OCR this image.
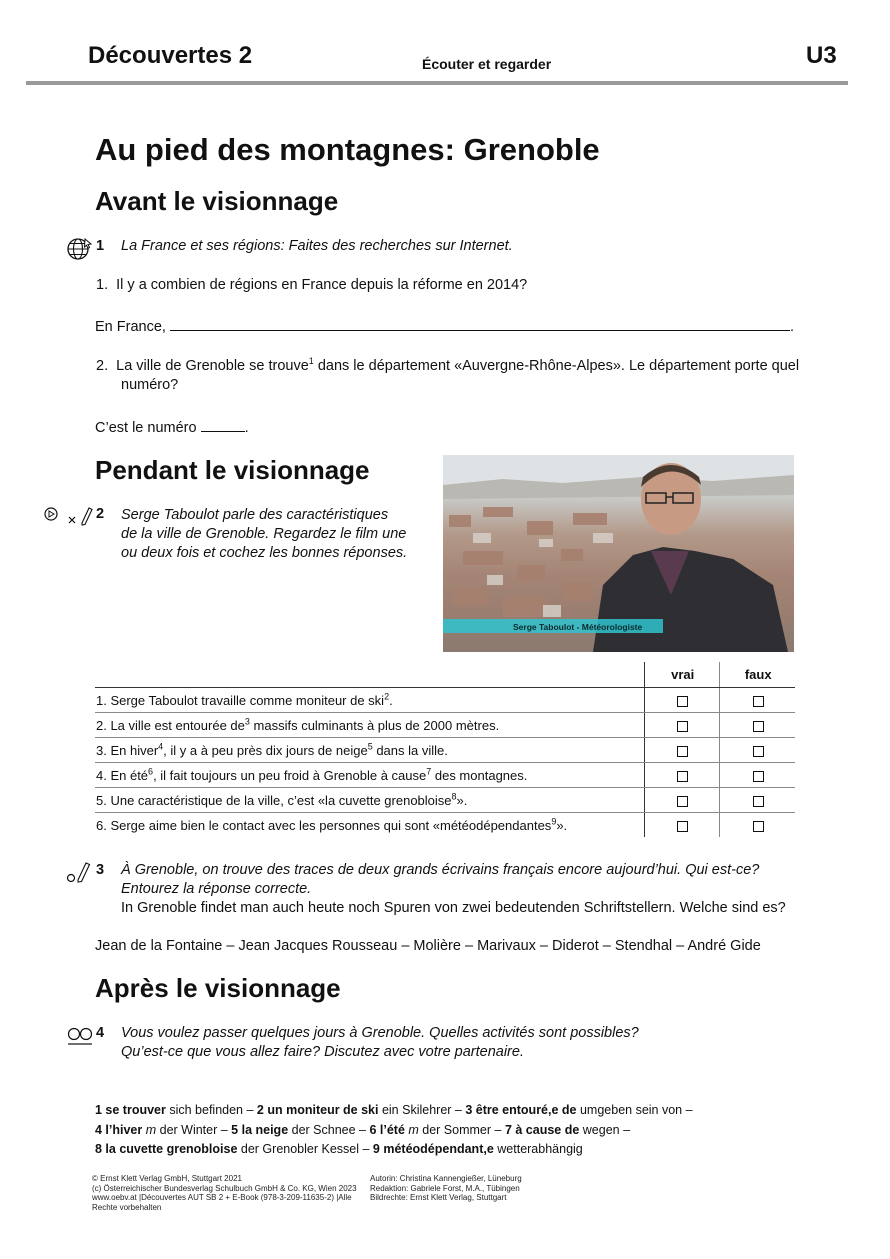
Découvertes 2	Écouter et regarder	U3
Au pied des montagnes: Grenoble
Avant le visionnage
1 La France et ses régions: Faites des recherches sur Internet.
1.  Il y a combien de régions en France depuis la réforme en 2014?
En France,	.
2.  La ville de Grenoble se trouve$^1$ dans le département «Auvergne-Rhône-Alpes». Le département porte quel
numéro?
C’est le numéro	.
Pendant le visionnage
2 Serge Taboulot parle des caractéristiques
de la ville de Grenoble. Regardez le film une
ou deux fois et cochez les bonnes réponses.
Serge Taboulot - Météorologiste
	vrai	faux
1. Serge Taboulot travaille comme moniteur de ski$^2$.		
2. La ville est entourée $de^3$ massifs culminants à plus de 2000 mètres.		
3. En hiver$^4$, il y a à peu près dix jours de neige$^5$ dans la ville.		
4. En été$^6$, il fait toujours un peu froid à Grenoble à cause$^7$ des montagnes.		
5. Une caractéristique de la ville, c’est «la cuvette grenobloise$^8$».		
6. Serge aime bien le contact avec les personnes qui sont «météodépendantes$^9$».		
3 À Grenoble, on trouve des traces de deux grands écrivains français encore aujourd’hui. Qui est-ce?
Entourez la réponse correcte.
In Grenoble findet man auch heute noch Spuren von zwei bedeutenden Schriftstellern. Welche sind es?
Jean de la Fontaine – Jean Jacques Rousseau – Molière – Marivaux – Diderot – Stendhal – André Gide
Après le visionnage
4 Vous voulez passer quelques jours à Grenoble. Quelles activités sont possibles?
Qu’est-ce que vous allez faire? Discutez avec votre partenaire.
1 se trouver sich befinden – 2 un moniteur de ski ein Skilehrer – 3 être entouré,e de umgeben sein von –
4 l’hiver m der Winter – 5 la neige der Schnee – 6 l’été m der Sommer – 7 à cause de wegen –
8 la cuvette grenobloise der Grenobler Kessel – 9 météodépendant,e wetterabhängig
© Ernst Klett Verlag GmbH, Stuttgart 2021
(c) Österreichischer Bundesverlag Schulbuch GmbH & Co. KG, Wien 2023
www.oebv.at |Découvertes AUT SB 2 + E-Book (978-3-209-11635-2) |Alle
Rechte vorbehalten
Autorin: Christina Kannengießer, Lüneburg
Redaktion: Gabriele Forst, M.A., Tübingen
Bildrechte: Ernst Klett Verlag, Stuttgart
